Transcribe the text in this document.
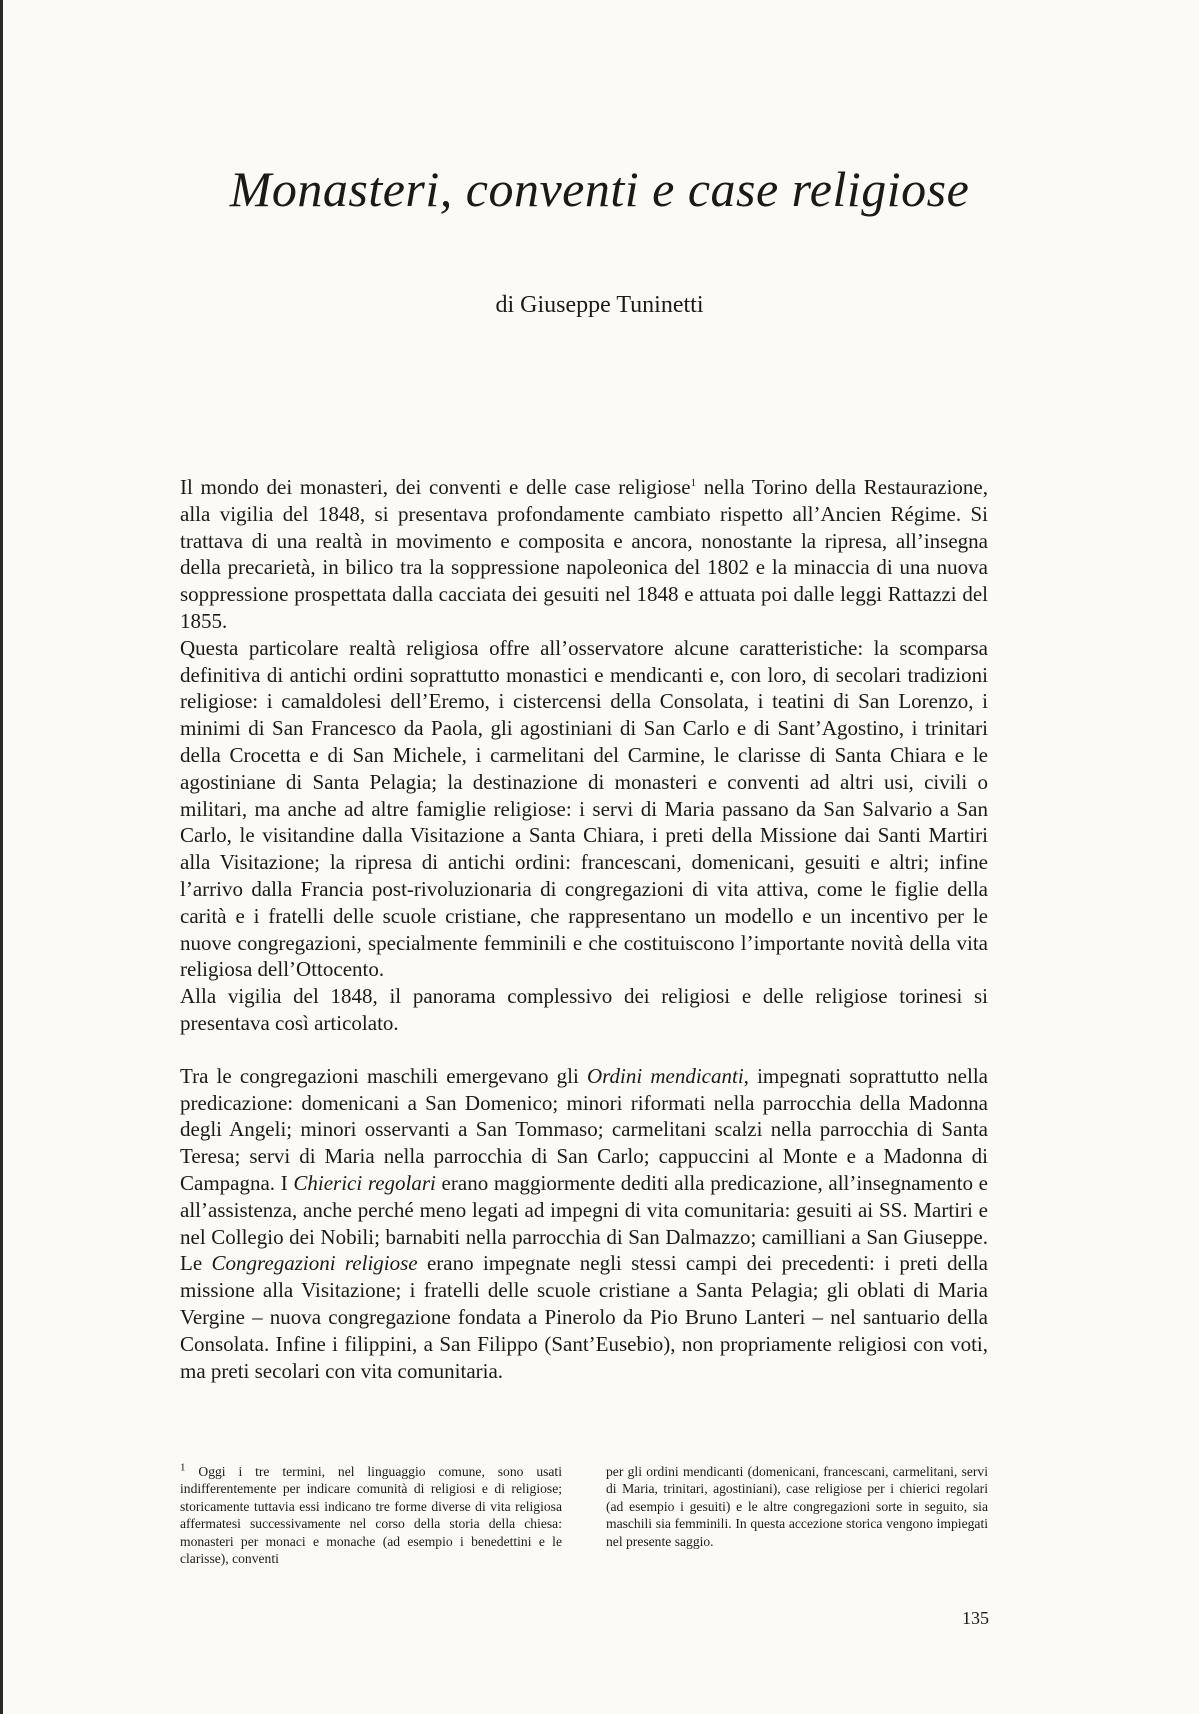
Monasteri, conventi e case religiose
di Giuseppe Tuninetti

Il mondo dei monasteri, dei conventi e delle case religiose$^1$ nella Torino della Restaurazione, alla vigilia del 1848, si presentava profondamente cambiato rispetto all’Ancien Régime. Si trattava di una realtà in movimento e composita e ancora, nonostante la ripresa, all’insegna della precarietà, in bilico tra la soppressione napoleonica del 1802 e la minaccia di una nuova soppressione prospettata dalla cacciata dei gesuiti nel 1848 e attuata poi dalle leggi Rattazzi del 1855.

Questa particolare realtà religiosa offre all’osservatore alcune caratteristiche: la scomparsa definitiva di antichi ordini soprattutto monastici e mendicanti e, con loro, di secolari tradizioni religiose: i camaldolesi dell’Eremo, i cistercensi della Consolata, i teatini di San Lorenzo, i minimi di San Francesco da Paola, gli agostiniani di San Carlo e di Sant’Agostino, i trinitari della Crocetta e di San Michele, i carmelitani del Carmine, le clarisse di Santa Chiara e le agostiniane di Santa Pelagia; la destinazione di monasteri e conventi ad altri usi, civili o militari, ma anche ad altre famiglie religiose: i servi di Maria passano da San Salvario a San Carlo, le visitandine dalla Visitazione a Santa Chiara, i preti della Missione dai Santi Martiri alla Visitazione; la ripresa di antichi ordini: francescani, domenicani, gesuiti e altri; infine l’arrivo dalla Francia post-rivoluzionaria di congregazioni di vita attiva, come le figlie della carità e i fratelli delle scuole cristiane, che rappresentano un modello e un incentivo per le nuove congregazioni, specialmente femminili e che costituiscono l’importante novità della vita religiosa dell’Ottocento.

Alla vigilia del 1848, il panorama complessivo dei religiosi e delle religiose torinesi si presentava così articolato.

Tra le congregazioni maschili emergevano gli Ordini mendicanti, impegnati soprattutto nella predicazione: domenicani a San Domenico; minori riformati nella parrocchia della Madonna degli Angeli; minori osservanti a San Tommaso; carmelitani scalzi nella parrocchia di Santa Teresa; servi di Maria nella parrocchia di San Carlo; cappuccini al Monte e a Madonna di Campagna. I Chierici regolari erano maggiormente dediti alla predicazione, all’insegnamento e all’assistenza, anche perché meno legati ad impegni di vita comunitaria: gesuiti ai SS. Martiri e nel Collegio dei Nobili; barnabiti nella parrocchia di San Dalmazzo; camilliani a San Giuseppe. Le Congregazioni religiose erano impegnate negli stessi campi dei precedenti: i preti della missione alla Visitazione; i fratelli delle scuole cristiane a Santa Pelagia; gli oblati di Maria Vergine – nuova congregazione fondata a Pinerolo da Pio Bruno Lanteri – nel santuario della Consolata. Infine i filippini, a San Filippo (Sant’Eusebio), non propriamente religiosi con voti, ma preti secolari con vita comunitaria.

$^1$ Oggi i tre termini, nel linguaggio comune, sono usati indifferentemente per indicare comunità di religiosi e di religiose; storicamente tuttavia essi indicano tre forme diverse di vita religiosa affermatesi successivamente nel corso della storia della chiesa: monasteri per monaci e monache (ad esempio i benedettini e le clarisse), conventi
per gli ordini mendicanti (domenicani, francescani, carmelitani, servi di Maria, trinitari, agostiniani), case religiose per i chierici regolari (ad esempio i gesuiti) e le altre congregazioni sorte in seguito, sia maschili sia femminili. In questa accezione storica vengono impiegati nel presente saggio.
135
